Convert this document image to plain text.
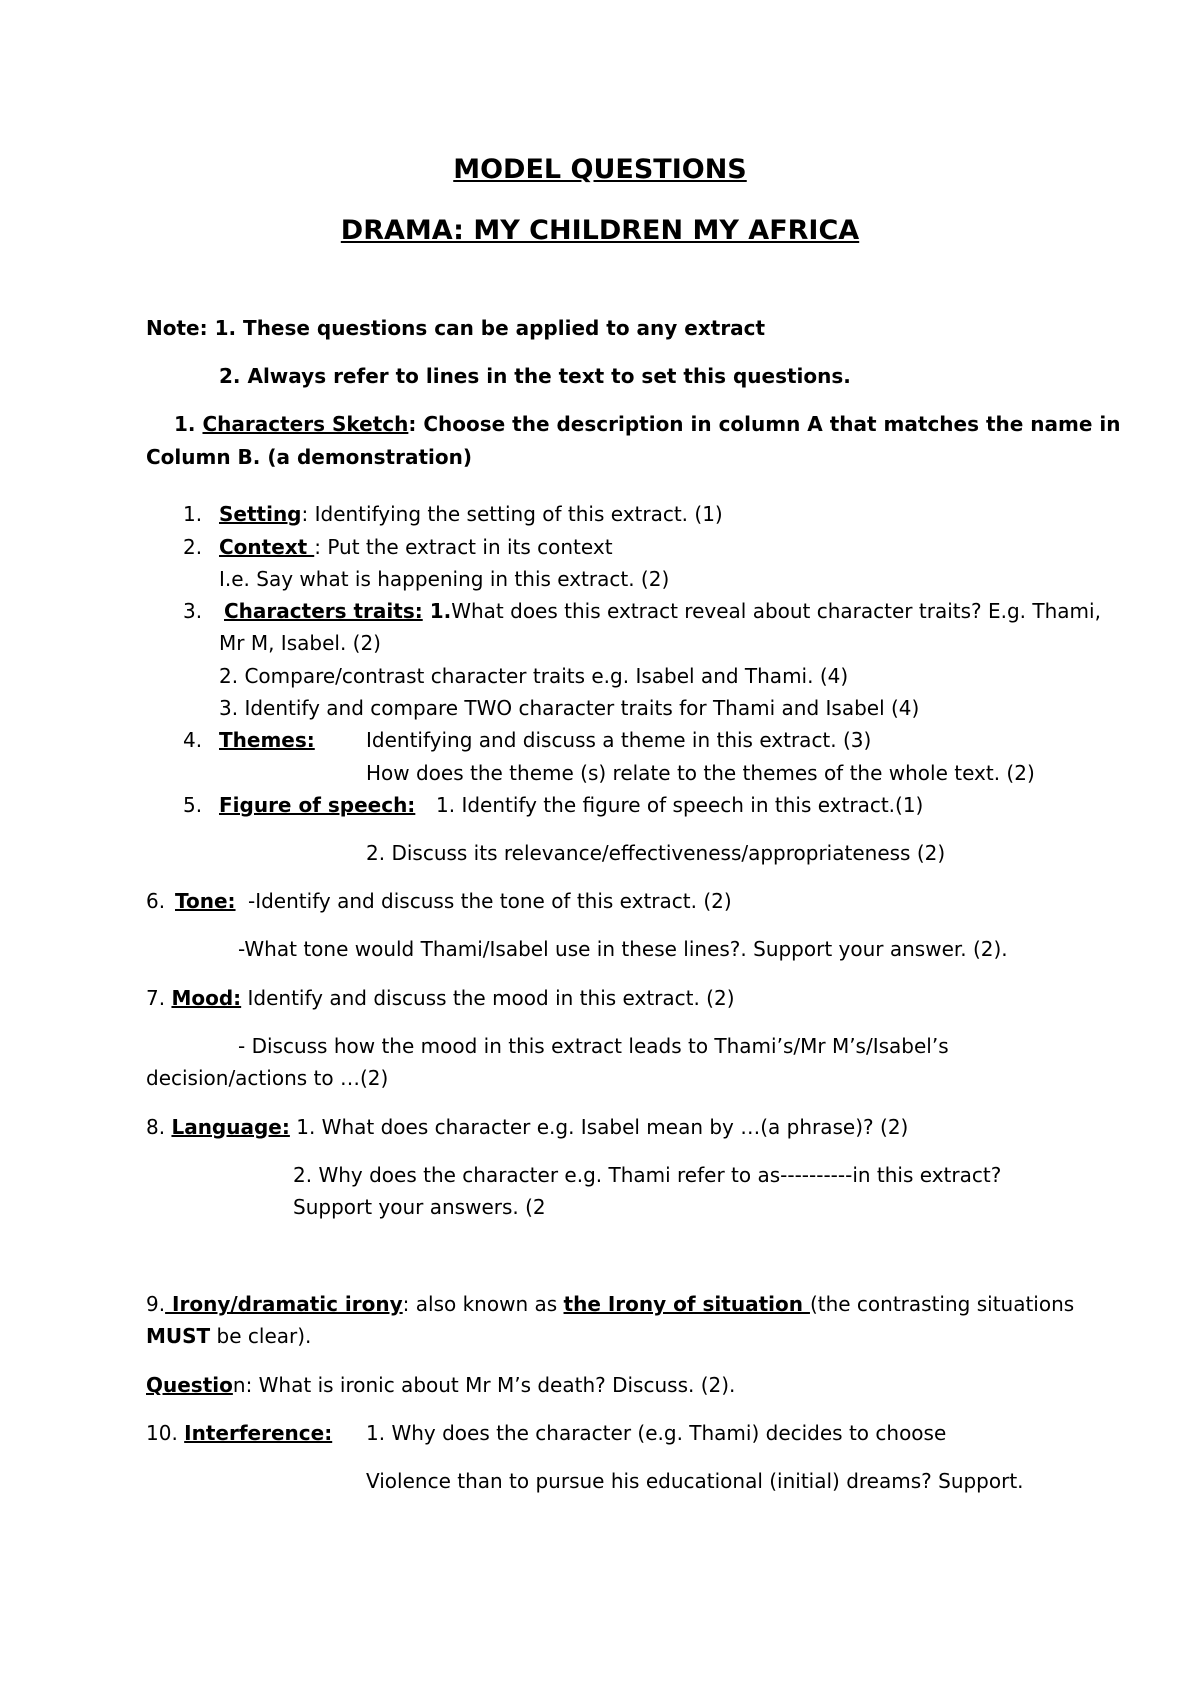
MODEL QUESTIONS
DRAMA: MY CHILDREN MY AFRICA
Note: 1. These questions can be applied to any extract
2. Always refer to lines in the text to set this questions.
1. Characters Sketch: Choose the description in column A that matches the name in
Column B. (a demonstration)
1. Setting: Identifying the setting of this extract. (1)
2. Context : Put the extract in its context
I.e. Say what is happening in this extract. (2)
3. Characters traits: 1.What does this extract reveal about character traits? E.g. Thami,
Mr M, Isabel. (2)
2. Compare/contrast character traits e.g. Isabel and Thami. (4)
3. Identify and compare TWO character traits for Thami and Isabel (4)
4. Themes:	Identifying and discuss a theme in this extract. (3)
How does the theme (s) relate to the themes of the whole text. (2)
5. Figure of speech: 1. Identify the figure of speech in this extract.(1)
2. Discuss its relevance/effectiveness/appropriateness (2)
6. Tone: -Identify and discuss the tone of this extract. (2)
-What tone would Thami/Isabel use in these lines?. Support your answer. (2).
7. Mood: Identify and discuss the mood in this extract. (2)
- Discuss how the mood in this extract leads to Thami’s/Mr M’s/Isabel’s
decision/actions to …(2)
8. Language: 1. What does character e.g. Isabel mean by …(a phrase)? (2)
2. Why does the character e.g. Thami refer to as----------in this extract?
Support your answers. (2
9. Irony/dramatic irony: also known as the Irony of situation (the contrasting situations
MUST be clear).
Question: What is ironic about Mr M’s death? Discuss. (2).
10. Interference: 1. Why does the character (e.g. Thami) decides to choose
Violence than to pursue his educational (initial) dreams? Support.
